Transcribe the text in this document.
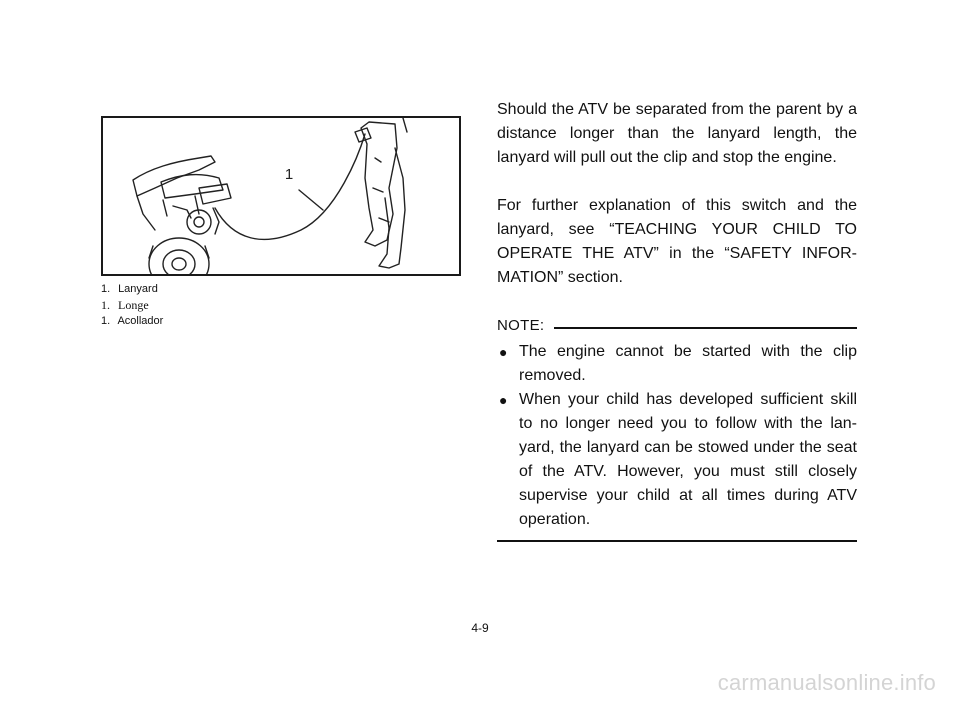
1
1. Lanyard
1. Longe
1. Acollador

Should the ATV be separated from the parent by a distance longer than the lanyard length, the lanyard will pull out the clip and stop the engine.

For further explanation of this switch and the lanyard, see “TEACHING YOUR CHILD TO OPERATE THE ATV” in the “SAFETY INFOR-MATION” section.

NOTE:
● The engine cannot be started with the clip removed.
● When your child has developed sufficient skill to no longer need you to follow with the lan-yard, the lanyard can be stowed under the seat of the ATV. However, you must still closely supervise your child at all times during ATV operation.
4-9
carmanualsonline.info
